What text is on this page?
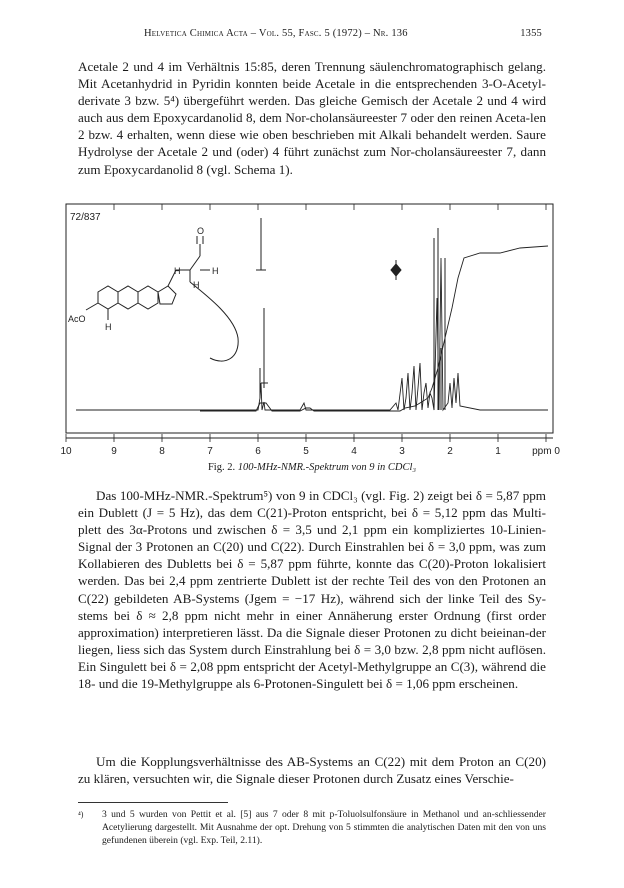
Helvetica Chimica Acta – Vol. 55, Fasc. 5 (1972) – Nr. 136	1355

Acetale 2 und 4 im Verhältnis 15:85, deren Trennung säulenchromatographisch gelang. Mit Acetanhydrid in Pyridin konnten beide Acetale in die entsprechenden 3-O-Acetyl-derivate 3 bzw. 5⁴) übergeführt werden. Das gleiche Gemisch der Acetale 2 und 4 wird auch aus dem Epoxycardanolid 8, dem Nor-cholansäureester 7 oder den reinen Aceta-len 2 bzw. 4 erhalten, wenn diese wie oben beschrieben mit Alkali behandelt werden. Saure Hydrolyse der Acetale 2 und (oder) 4 führt zunächst zum Nor-cholansäureester 7, dann zum Epoxycardanolid 8 (vgl. Schema 1).

72/837
O
H	H
H
AcO
H
10	9	8	7	6	5	4	3	2	1	ppm 0
Fig. 2. 100-MHz-NMR.-Spektrum von 9 in CDCl₃

Das 100-MHz-NMR.-Spektrum⁵) von 9 in CDCl₃ (vgl. Fig. 2) zeigt bei δ = 5,87 ppm ein Dublett (J = 5 Hz), das dem C(21)-Proton entspricht, bei δ = 5,12 ppm das Multi-plett des 3α-Protons und zwischen δ = 3,5 und 2,1 ppm ein kompliziertes 10-Linien-Signal der 3 Protonen an C(20) und C(22). Durch Einstrahlen bei δ = 3,0 ppm, was zum Kollabieren des Dubletts bei δ = 5,87 ppm führte, konnte das C(20)-Proton lokalisiert werden. Das bei 2,4 ppm zentrierte Dublett ist der rechte Teil des von den Protonen an C(22) gebildeten AB-Systems (Jgem = −17 Hz), während sich der linke Teil des Sy-stems bei δ ≈ 2,8 ppm nicht mehr in einer Annäherung erster Ordnung (first order approximation) interpretieren lässt. Da die Signale dieser Protonen zu dicht beieinan-der liegen, liess sich das System durch Einstrahlung bei δ = 3,0 bzw. 2,8 ppm nicht auflösen. Ein Singulett bei δ = 2,08 ppm entspricht der Acetyl-Methylgruppe an C(3), während die 18- und die 19-Methylgruppe als 6-Protonen-Singulett bei δ = 1,06 ppm erscheinen.

Um die Kopplungsverhältnisse des AB-Systems an C(22) mit dem Proton an C(20) zu klären, versuchten wir, die Signale dieser Protonen durch Zusatz eines Verschie-

⁴) 3 und 5 wurden von Pettit et al. [5] aus 7 oder 8 mit p-Toluolsulfonsäure in Methanol und an-schliessender Acetylierung dargestellt. Mit Ausnahme der opt. Drehung von 5 stimmten die analytischen Daten mit den von uns gefundenen überein (vgl. Exp. Teil, 2.11).
